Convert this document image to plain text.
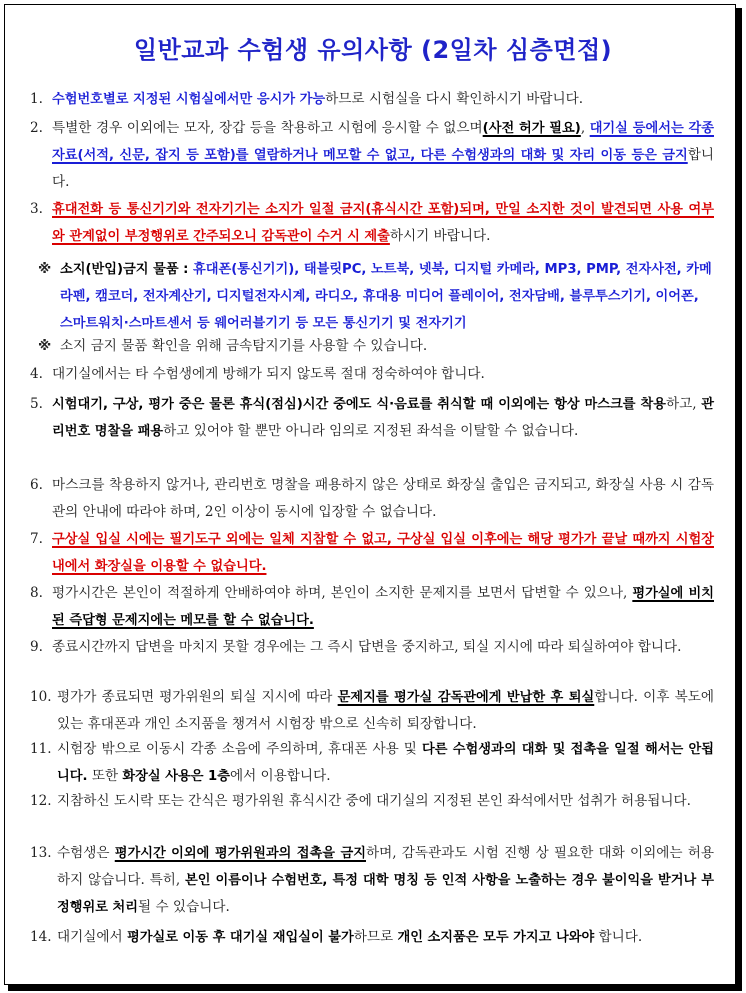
일반교과 수험생 유의사항 (2일차 심층면접)
1. 수험번호별로 지정된 시험실에서만 응시가 가능하므로 시험실을 다시 확인하시기 바랍니다.
2. 특별한 경우 이외에는 모자, 장갑 등을 착용하고 시험에 응시할 수 없으며(사전 허가 필요), 대기실 등에서는 각종 자료(서적, 신문, 잡지 등 포함)를 열람하거나 메모할 수 없고, 다른 수험생과의 대화 및 자리 이동 등은 금지합니다.
3. 휴대전화 등 통신기기와 전자기기는 소지가 일절 금지(휴식시간 포함)되며, 만일 소지한 것이 발견되면 사용 여부와 관계없이 부정행위로 간주되오니 감독관이 수거 시 제출하시기 바랍니다.
4. 대기실에서는 타 수험생에게 방해가 되지 않도록 절대 정숙하여야 합니다.
5. 시험대기, 구상, 평가 중은 물론 휴식(점심)시간 중에도 식·음료를 취식할 때 이외에는 항상 마스크를 착용하고, 관리번호 명찰을 패용하고 있어야 할 뿐만 아니라 임의로 지정된 좌석을 이탈할 수 없습니다.
6. 마스크를 착용하지 않거나, 관리번호 명찰을 패용하지 않은 상태로 화장실 출입은 금지되고, 화장실 사용 시 감독관의 안내에 따라야 하며, 2인 이상이 동시에 입장할 수 없습니다.
7. 구상실 입실 시에는 필기도구 외에는 일체 지참할 수 없고, 구상실 입실 이후에는 해당 평가가 끝날 때까지 시험장 내에서 화장실을 이용할 수 없습니다.
8. 평가시간은 본인이 적절하게 안배하여야 하며, 본인이 소지한 문제지를 보면서 답변할 수 있으나, 평가실에 비치된 즉답형 문제지에는 메모를 할 수 없습니다.
9. 종료시간까지 답변을 마치지 못할 경우에는 그 즉시 답변을 중지하고, 퇴실 지시에 따라 퇴실하여야 합니다.
10. 평가가 종료되면 평가위원의 퇴실 지시에 따라 문제지를 평가실 감독관에게 반납한 후 퇴실합니다. 이후 복도에 있는 휴대폰과 개인 소지품을 챙겨서 시험장 밖으로 신속히 퇴장합니다.
11. 시험장 밖으로 이동시 각종 소음에 주의하며, 휴대폰 사용 및 다른 수험생과의 대화 및 접촉을 일절 해서는 안됩니다. 또한 화장실 사용은 1층에서 이용합니다.
12. 지참하신 도시락 또는 간식은 평가위원 휴식시간 중에 대기실의 지정된 본인 좌석에서만 섭취가 허용됩니다.
13. 수험생은 평가시간 이외에 평가위원과의 접촉을 금지하며, 감독관과도 시험 진행 상 필요한 대화 이외에는 허용하지 않습니다. 특히, 본인 이름이나 수험번호, 특정 대학 명칭 등 인적 사항을 노출하는 경우 불이익을 받거나 부정행위로 처리될 수 있습니다.
14. 대기실에서 평가실로 이동 후 대기실 재입실이 불가하므로 개인 소지품은 모두 가지고 나와야 합니다.
※ 소지(반입)금지 물품 : 휴대폰(통신기기), 태블릿PC, 노트북, 넷북, 디지털 카메라, MP3, PMP, 전자사전, 카메라펜, 캠코더, 전자계산기, 디지털전자시계, 라디오, 휴대용 미디어 플레이어, 전자담배, 블루투스기기, 이어폰, 스마트워치·스마트센서 등 웨어러블기기 등 모든 통신기기 및 전자기기
※ 소지 금지 물품 확인을 위해 금속탐지기를 사용할 수 있습니다.
